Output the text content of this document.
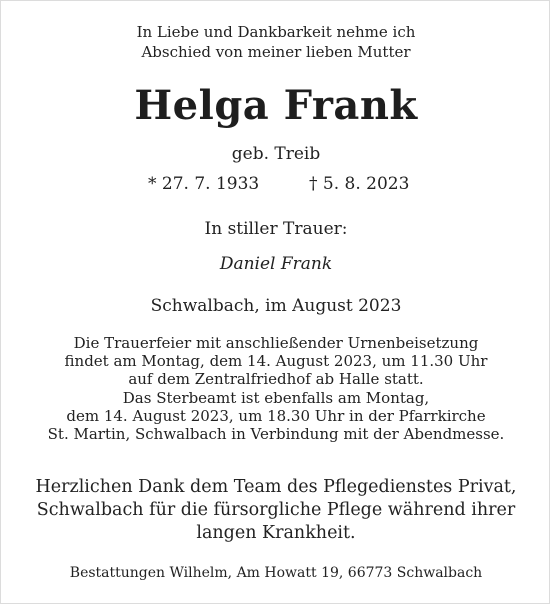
In Liebe und Dankbarkeit nehme ich
Abschied von meiner lieben Mutter
Helga Frank
geb. Treib
* 27. 7. 1933	† 5. 8. 2023
In stiller Trauer:
Daniel Frank
Schwalbach, im August 2023
Die Trauerfeier mit anschließender Urnenbeisetzung
findet am Montag, dem 14. August 2023, um 11.30 Uhr
auf dem Zentralfriedhof ab Halle statt.
Das Sterbeamt ist ebenfalls am Montag,
dem 14. August 2023, um 18.30 Uhr in der Pfarrkirche
St. Martin, Schwalbach in Verbindung mit der Abendmesse.
Herzlichen Dank dem Team des Pflegedienstes Privat,
Schwalbach für die fürsorgliche Pflege während ihrer
langen Krankheit.
Bestattungen Wilhelm, Am Howatt 19, 66773 Schwalbach
